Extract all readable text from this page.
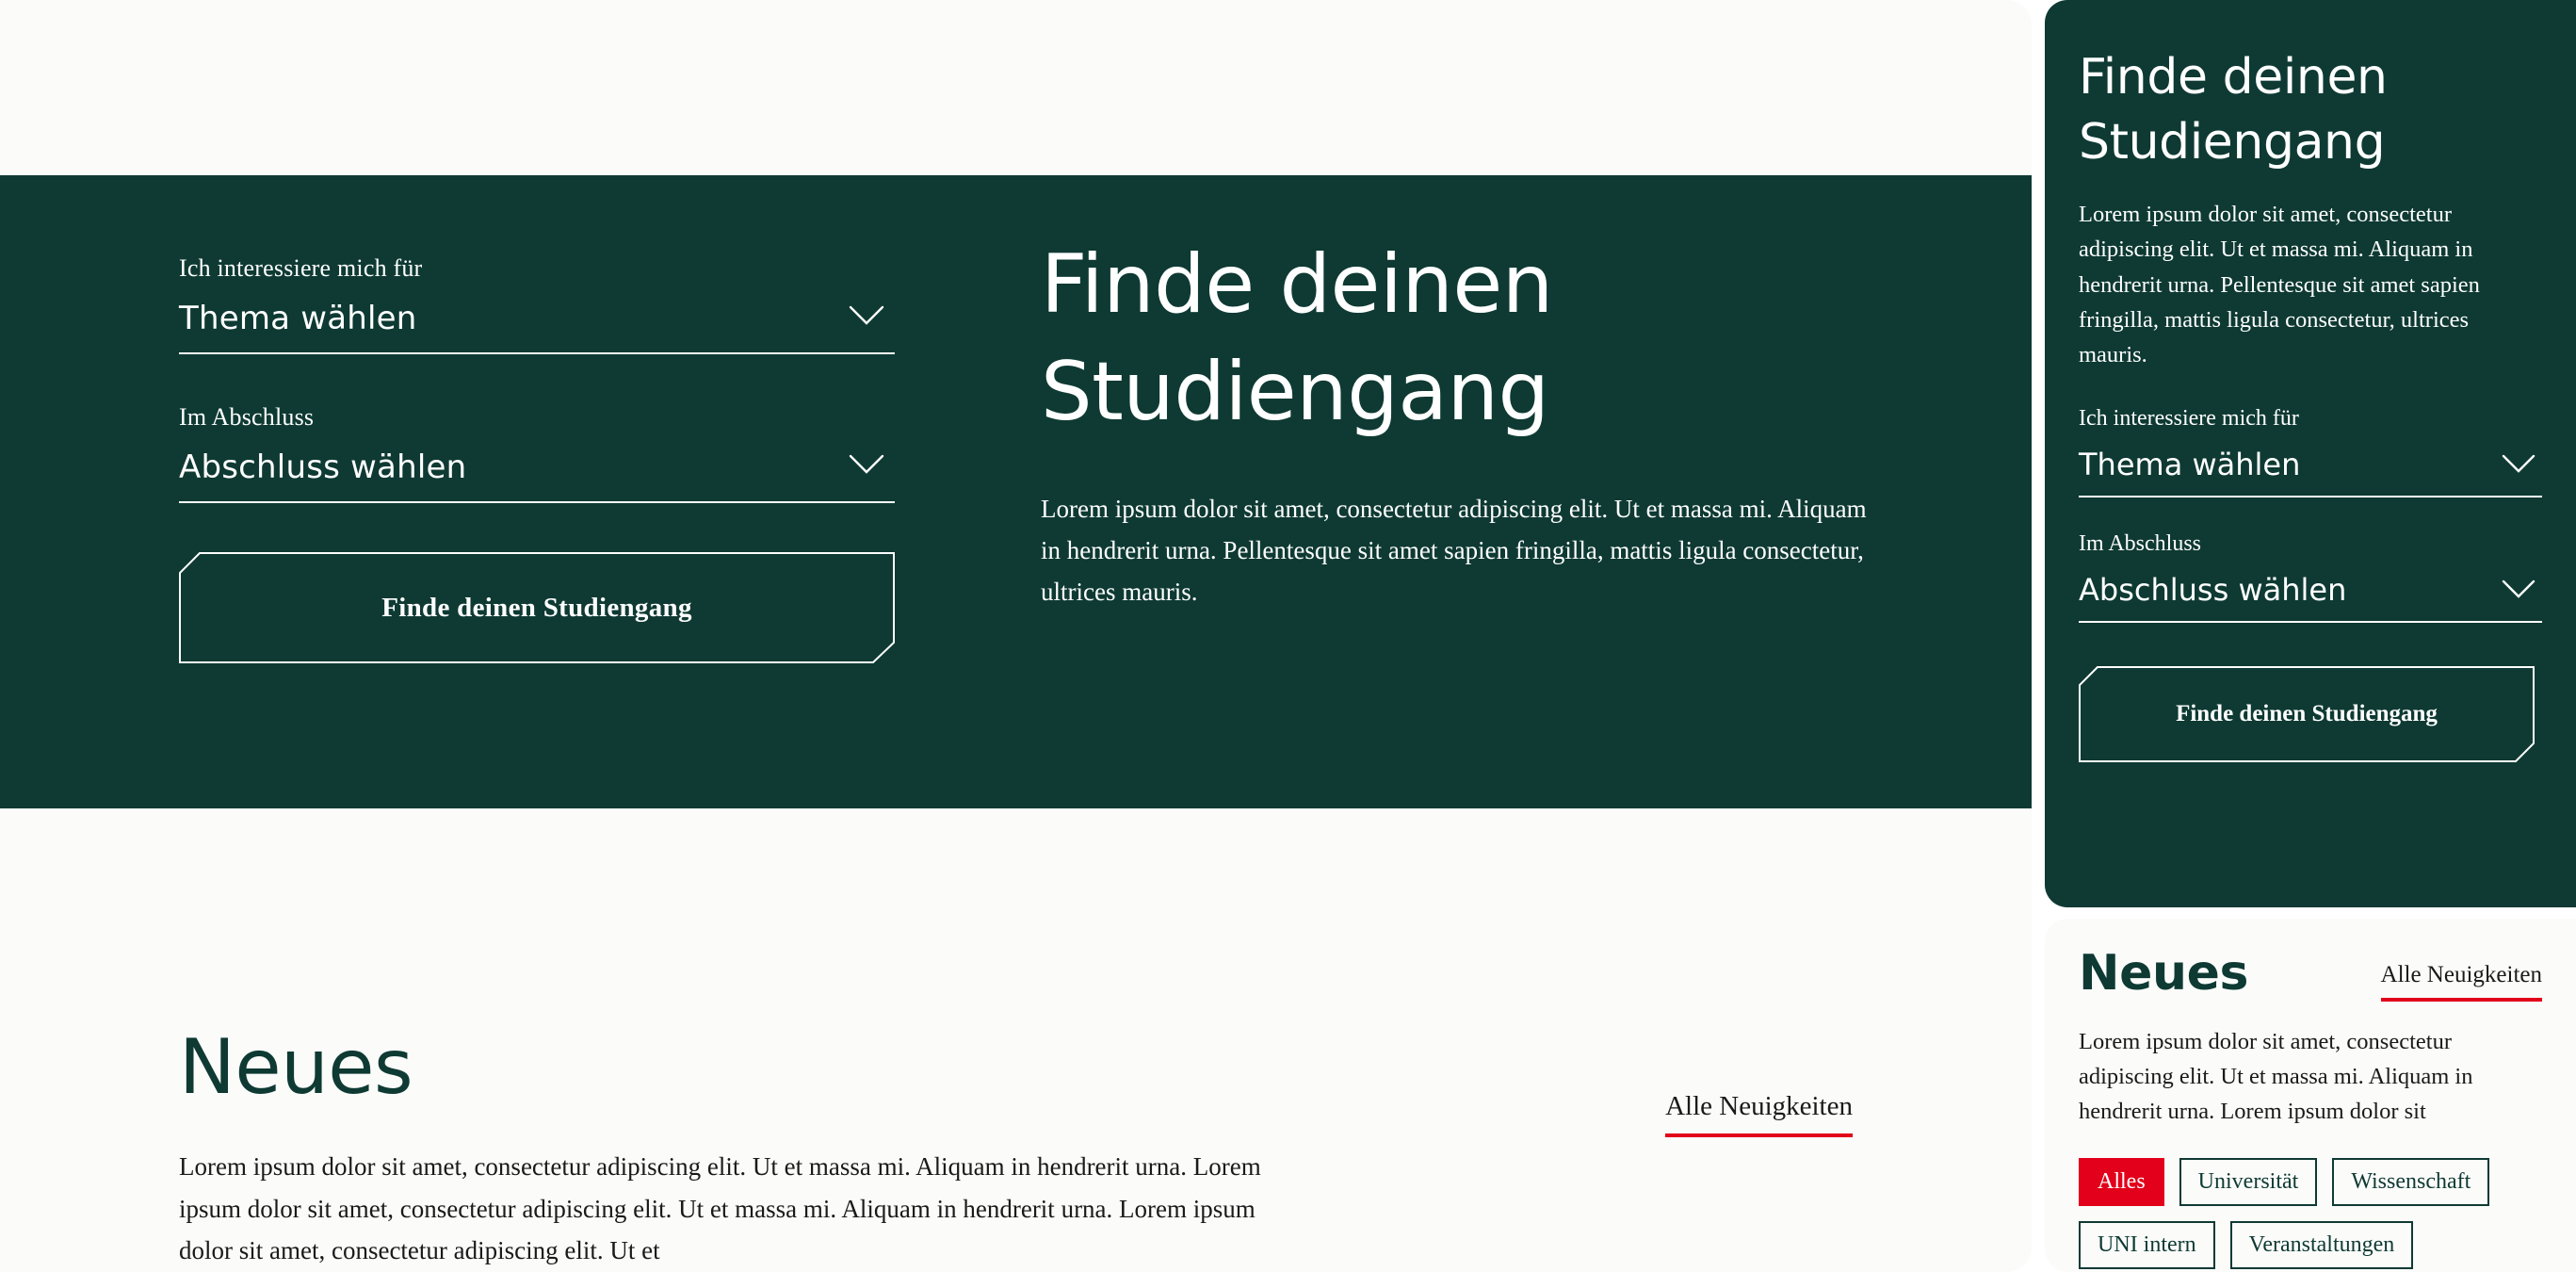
Ich interessiere mich für
Thema wählen
Im Abschluss
Abschluss wählen
Finde deinen Studiengang
Finde deinen
Studiengang

Lorem ipsum dolor sit amet, consectetur adipiscing elit. Ut et massa mi. Aliquam in hendrerit urna. Pellentesque sit amet sapien fringilla, mattis ligula consectetur, ultrices mauris.

Neues	Alle Neuigkeiten

Lorem ipsum dolor sit amet, consectetur adipiscing elit. Ut et massa mi. Aliquam in hendrerit urna. Lorem ipsum dolor sit amet, consectetur adipiscing elit. Ut et massa mi. Aliquam in hendrerit urna. Lorem ipsum dolor sit amet, consectetur adipiscing elit. Ut et

Finde deinen
Studiengang

Lorem ipsum dolor sit amet, consectetur adipiscing elit. Ut et massa mi. Aliquam in hendrerit urna. Pellentesque sit amet sapien fringilla, mattis ligula consectetur, ultrices mauris.

Ich interessiere mich für
Thema wählen
Im Abschluss
Abschluss wählen
Finde deinen Studiengang
Neues	Alle Neuigkeiten

Lorem ipsum dolor sit amet, consectetur adipiscing elit. Ut et massa mi. Aliquam in hendrerit urna. Lorem ipsum dolor sit

Alles	Universität	Wissenschaft
UNI intern	Veranstaltungen
